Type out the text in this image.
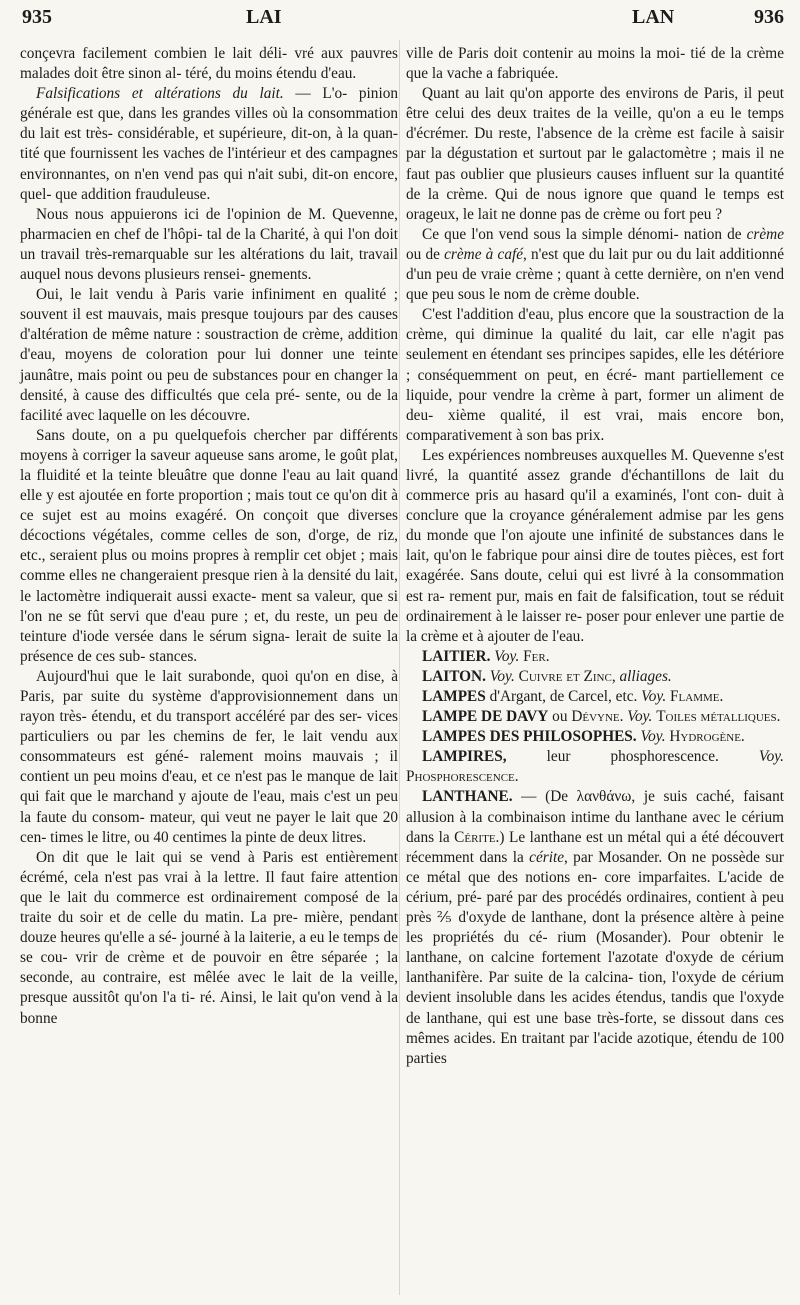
935	LAI	LAN	936

conçevra facilement combien le lait déli- vré aux pauvres malades doit être sinon al- téré, du moins étendu d'eau.

Falsifications et altérations du lait. — L'o- pinion générale est que, dans les grandes villes où la consommation du lait est très- considérable, et supérieure, dit-on, à la quan- tité que fournissent les vaches de l'intérieur et des campagnes environnantes, on n'en vend pas qui n'ait subi, dit-on encore, quel- que addition frauduleuse.

Nous nous appuierons ici de l'opinion de M. Quevenne, pharmacien en chef de l'hôpi- tal de la Charité, à qui l'on doit un travail très-remarquable sur les altérations du lait, travail auquel nous devons plusieurs rensei- gnements.

Oui, le lait vendu à Paris varie infiniment en qualité ; souvent il est mauvais, mais presque toujours par des causes d'altération de même nature : soustraction de crème, addition d'eau, moyens de coloration pour lui donner une teinte jaunâtre, mais point ou peu de substances pour en changer la densité, à cause des difficultés que cela pré- sente, ou de la facilité avec laquelle on les découvre.

Sans doute, on a pu quelquefois chercher par différents moyens à corriger la saveur aqueuse sans arome, le goût plat, la fluidité et la teinte bleuâtre que donne l'eau au lait quand elle y est ajoutée en forte proportion ; mais tout ce qu'on dit à ce sujet est au moins exagéré. On conçoit que diverses décoctions végétales, comme celles de son, d'orge, de riz, etc., seraient plus ou moins propres à remplir cet objet ; mais comme elles ne changeraient presque rien à la densité du lait, le lactomètre indiquerait aussi exacte- ment sa valeur, que si l'on ne se fût servi que d'eau pure ; et, du reste, un peu de teinture d'iode versée dans le sérum signa- lerait de suite la présence de ces sub- stances.

Aujourd'hui que le lait surabonde, quoi qu'on en dise, à Paris, par suite du système d'approvisionnement dans un rayon très- étendu, et du transport accéléré par des ser- vices particuliers ou par les chemins de fer, le lait vendu aux consommateurs est géné- ralement moins mauvais ; il contient un peu moins d'eau, et ce n'est pas le manque de lait qui fait que le marchand y ajoute de l'eau, mais c'est un peu la faute du consom- mateur, qui veut ne payer le lait que 20 cen- times le litre, ou 40 centimes la pinte de deux litres.

On dit que le lait qui se vend à Paris est entièrement écrémé, cela n'est pas vrai à la lettre. Il faut faire attention que le lait du commerce est ordinairement composé de la traite du soir et de celle du matin. La pre- mière, pendant douze heures qu'elle a sé- journé à la laiterie, a eu le temps de se cou- vrir de crème et de pouvoir en être séparée ; la seconde, au contraire, est mêlée avec le lait de la veille, presque aussitôt qu'on l'a ti- ré. Ainsi, le lait qu'on vend à la bonne

ville de Paris doit contenir au moins la moi- tié de la crème que la vache a fabriquée.

Quant au lait qu'on apporte des environs de Paris, il peut être celui des deux traites de la veille, qu'on a eu le temps d'écrémer. Du reste, l'absence de la crème est facile à saisir par la dégustation et surtout par le galactomètre ; mais il ne faut pas oublier que plusieurs causes influent sur la quantité de la crème. Qui de nous ignore que quand le temps est orageux, le lait ne donne pas de crème ou fort peu ?

Ce que l'on vend sous la simple dénomi- nation de crème ou de crème à café, n'est que du lait pur ou du lait additionné d'un peu de vraie crème ; quant à cette dernière, on n'en vend que peu sous le nom de crème double.

C'est l'addition d'eau, plus encore que la soustraction de la crème, qui diminue la qualité du lait, car elle n'agit pas seulement en étendant ses principes sapides, elle les détériore ; conséquemment on peut, en écré- mant partiellement ce liquide, pour vendre la crème à part, former un aliment de deu- xième qualité, il est vrai, mais encore bon, comparativement à son bas prix.

Les expériences nombreuses auxquelles M. Quevenne s'est livré, la quantité assez grande d'échantillons de lait du commerce pris au hasard qu'il a examinés, l'ont con- duit à conclure que la croyance généralement admise par les gens du monde que l'on ajoute une infinité de substances dans le lait, qu'on le fabrique pour ainsi dire de toutes pièces, est fort exagérée. Sans doute, celui qui est livré à la consommation est ra- rement pur, mais en fait de falsification, tout se réduit ordinairement à le laisser re- poser pour enlever une partie de la crème et à ajouter de l'eau.

LAITIER. Voy. Fer.

LAITON. Voy. Cuivre et Zinc, alliages.

LAMPES d'Argant, de Carcel, etc. Voy. Flamme.

LAMPE DE DAVY ou Dévyne. Voy. Toiles métalliques.

LAMPES DES PHILOSOPHES. Voy. Hydrogène.

LAMPIRES, leur phosphorescence. Voy. Phosphorescence.

LANTHANE. — (De λανθάνω, je suis caché, faisant allusion à la combinaison intime du lanthane avec le cérium dans la Cérite.) Le lanthane est un métal qui a été découvert récemment dans la cérite, par Mosander. On ne possède sur ce métal que des notions en- core imparfaites. L'acide de cérium, pré- paré par des procédés ordinaires, contient à peu près ⅖ d'oxyde de lanthane, dont la présence altère à peine les propriétés du cé- rium (Mosander). Pour obtenir le lanthane, on calcine fortement l'azotate d'oxyde de cérium lanthanifère. Par suite de la calcina- tion, l'oxyde de cérium devient insoluble dans les acides étendus, tandis que l'oxyde de lanthane, qui est une base très-forte, se dissout dans ces mêmes acides. En traitant par l'acide azotique, étendu de 100 parties
